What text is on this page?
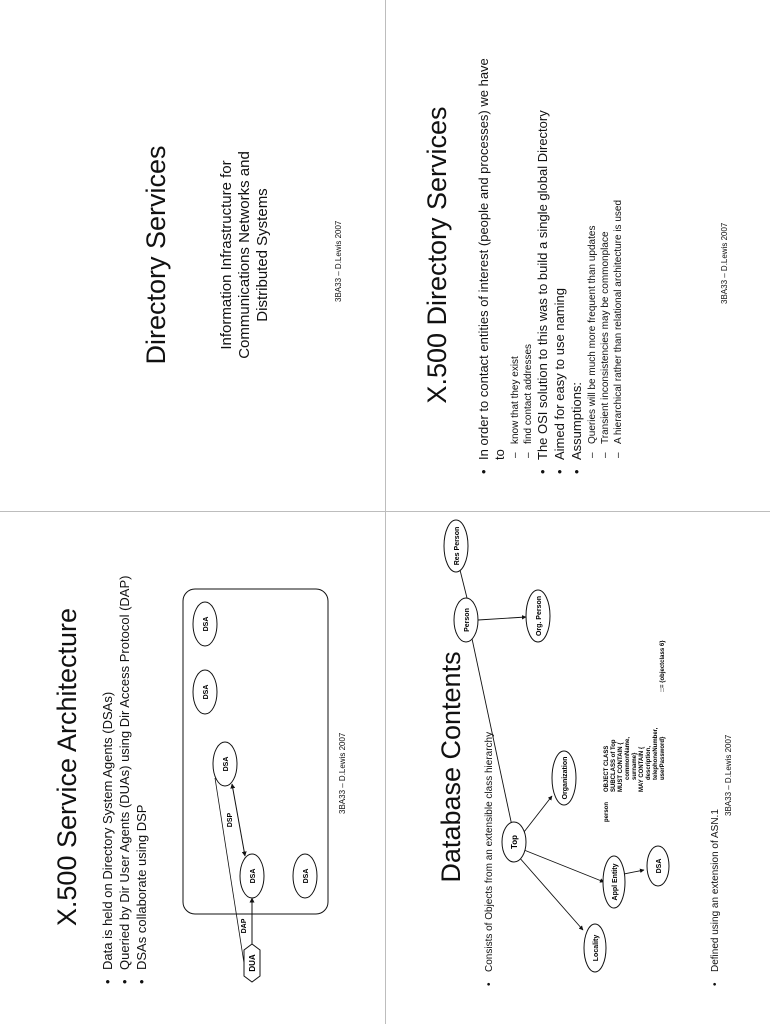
Directory Services	Information Infrastructure for Communications Networks and Distributed Systems	3BA33 – D.Lewis 2007	X.500 Directory Services • In order to contact entities of interest (people and processes) we have to
– know that they exist – find contact addresses • The OSI solution to this was to build a single global Directory • Aimed for easy to use naming • Assumptions: – Queries will be much more frequent than updates – Transient inconsistencies may be commonplace – A hierarchical rather than relational architecture is used	3BA33 – D.Lewis 2007
X.500 Service Architecture • Data is held on Directory System Agents (DSAs) • Queried by Dir User Agents (DUAs) using Dir Access Protocol (DAP) • DSAs collaborate using DSP	DUA
DAP
DSA	DSA
DSA
DSA
DSA
DSP
3BA33 – D.Lewis 2007	Database Contents • Consists of Objects from an extensible class hierarchy	Top
Locality
Appl Entity	DSA
Organization
Person	Org. Person
Res Person
person
OBJECT CLASS SUBCLASS of Top MUST CONTAIN { commonName, surname} MAY CONTAIN { description, telephoneNumber, userPassword}
::= {objectclass 6}
• Defined using an extension of ASN.1
3BA33 – D.Lewis 2007
